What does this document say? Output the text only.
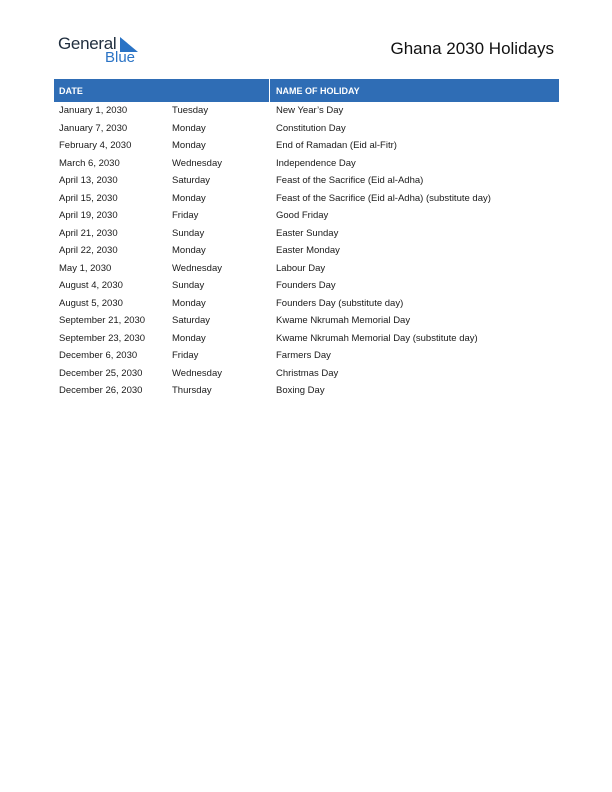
General
Blue	Ghana 2030 Holidays
DATE	NAME OF HOLIDAY
January 1, 2030	Tuesday	New Year’s Day
January 7, 2030	Monday	Constitution Day
February 4, 2030	Monday	End of Ramadan (Eid al-Fitr)
March 6, 2030	Wednesday	Independence Day
April 13, 2030	Saturday	Feast of the Sacrifice (Eid al-Adha)
April 15, 2030	Monday	Feast of the Sacrifice (Eid al-Adha) (substitute day)
April 19, 2030	Friday	Good Friday
April 21, 2030	Sunday	Easter Sunday
April 22, 2030	Monday	Easter Monday
May 1, 2030	Wednesday	Labour Day
August 4, 2030	Sunday	Founders Day
August 5, 2030	Monday	Founders Day (substitute day)
September 21, 2030	Saturday	Kwame Nkrumah Memorial Day
September 23, 2030	Monday	Kwame Nkrumah Memorial Day (substitute day)
December 6, 2030	Friday	Farmers Day
December 25, 2030	Wednesday	Christmas Day
December 26, 2030	Thursday	Boxing Day
